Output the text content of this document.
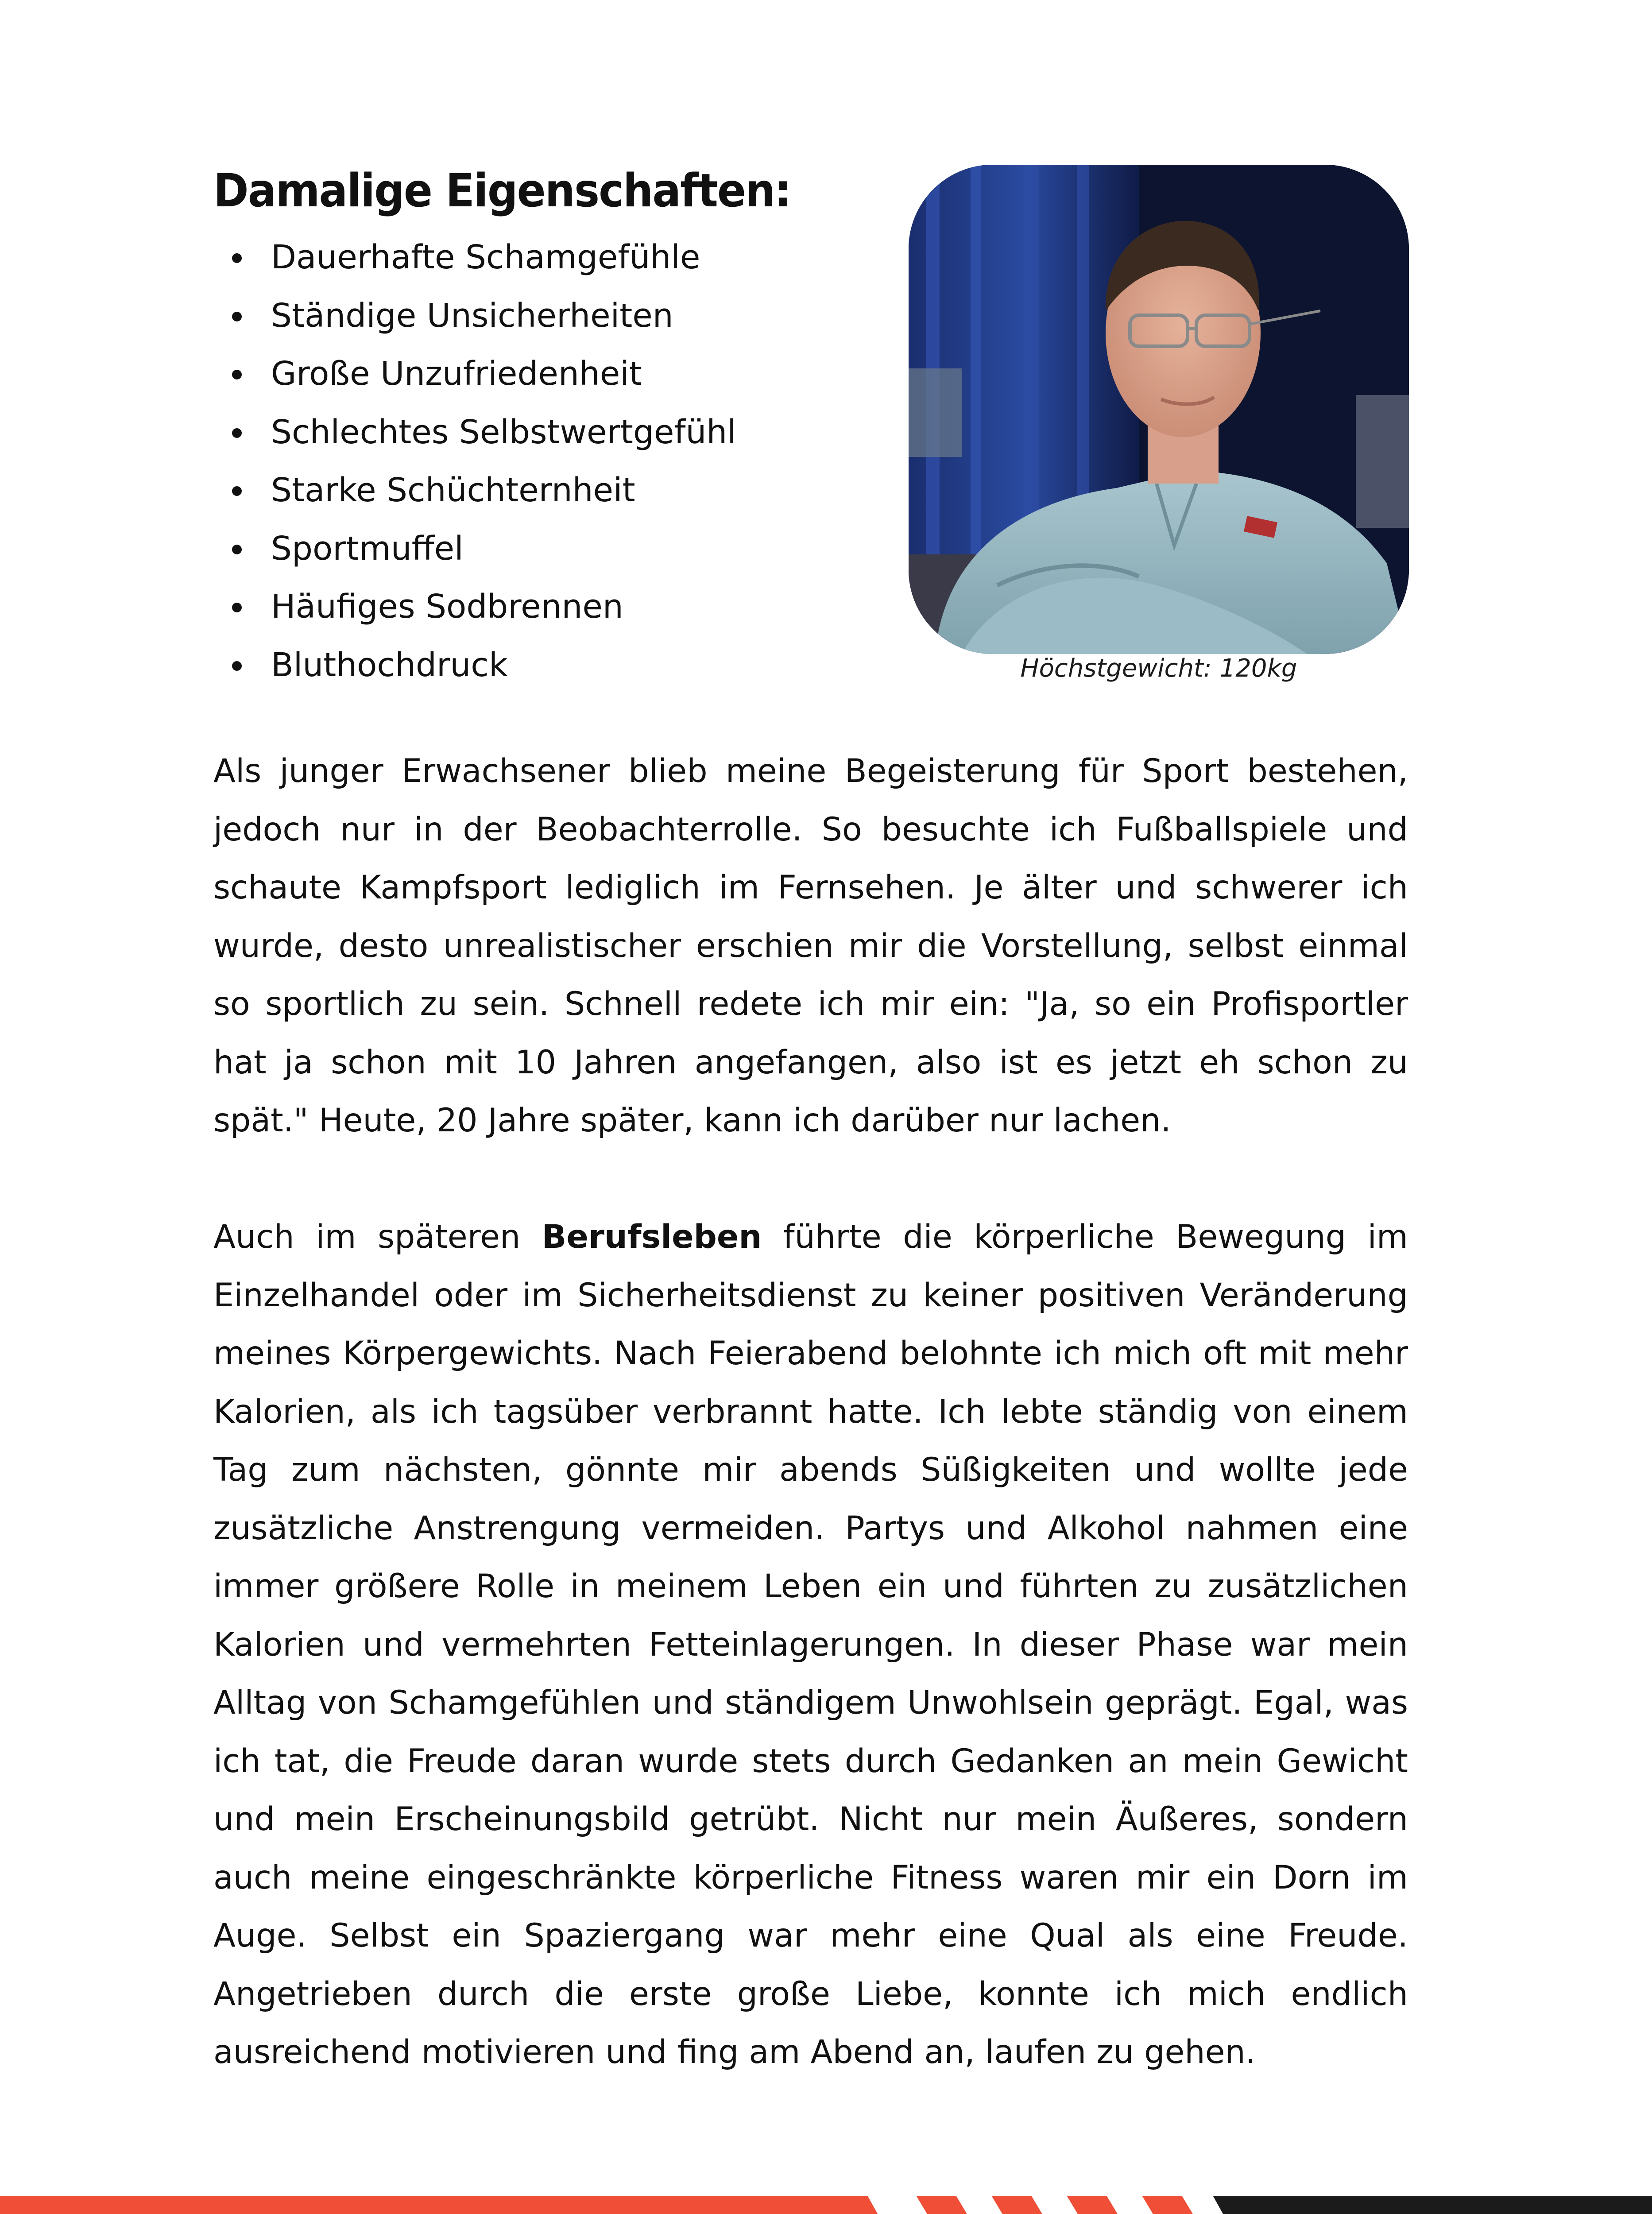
Damalige Eigenschaften:
Dauerhafte Schamgefühle
Ständige Unsicherheiten
Große Unzufriedenheit
Schlechtes Selbstwertgefühl
Starke Schüchternheit
Sportmuffel
Häufiges Sodbrennen
Bluthochdruck	Höchstgewicht: 120kg

Als junger Erwachsener blieb meine Begeisterung für Sport bestehen, jedoch nur in der Beobachterrolle. So besuchte ich Fußballspiele und schaute Kampfsport lediglich im Fernsehen. Je älter und schwerer ich wurde, desto unrealistischer erschien mir die Vorstellung, selbst einmal so sportlich zu sein. Schnell redete ich mir ein: "Ja, so ein Profisportler hat ja schon mit 10 Jahren angefangen, also ist es jetzt eh schon zu spät." Heute, 20 Jahre später, kann ich darüber nur lachen.

Auch im späteren Berufsleben führte die körperliche Bewegung im Einzelhandel oder im Sicherheitsdienst zu keiner positiven Veränderung meines Körpergewichts. Nach Feierabend belohnte ich mich oft mit mehr Kalorien, als ich tagsüber verbrannt hatte. Ich lebte ständig von einem Tag zum nächsten, gönnte mir abends Süßigkeiten und wollte jede zusätzliche Anstrengung vermeiden. Partys und Alkohol nahmen eine immer größere Rolle in meinem Leben ein und führten zu zusätzlichen Kalorien und vermehrten Fetteinlagerungen. In dieser Phase war mein Alltag von Schamgefühlen und ständigem Unwohlsein geprägt. Egal, was ich tat, die Freude daran wurde stets durch Gedanken an mein Gewicht und mein Erscheinungsbild getrübt. Nicht nur mein Äußeres, sondern auch meine eingeschränkte körperliche Fitness waren mir ein Dorn im Auge. Selbst ein Spaziergang war mehr eine Qual als eine Freude. Angetrieben durch die erste große Liebe, konnte ich mich endlich ausreichend motivieren und fing am Abend an, laufen zu gehen.
